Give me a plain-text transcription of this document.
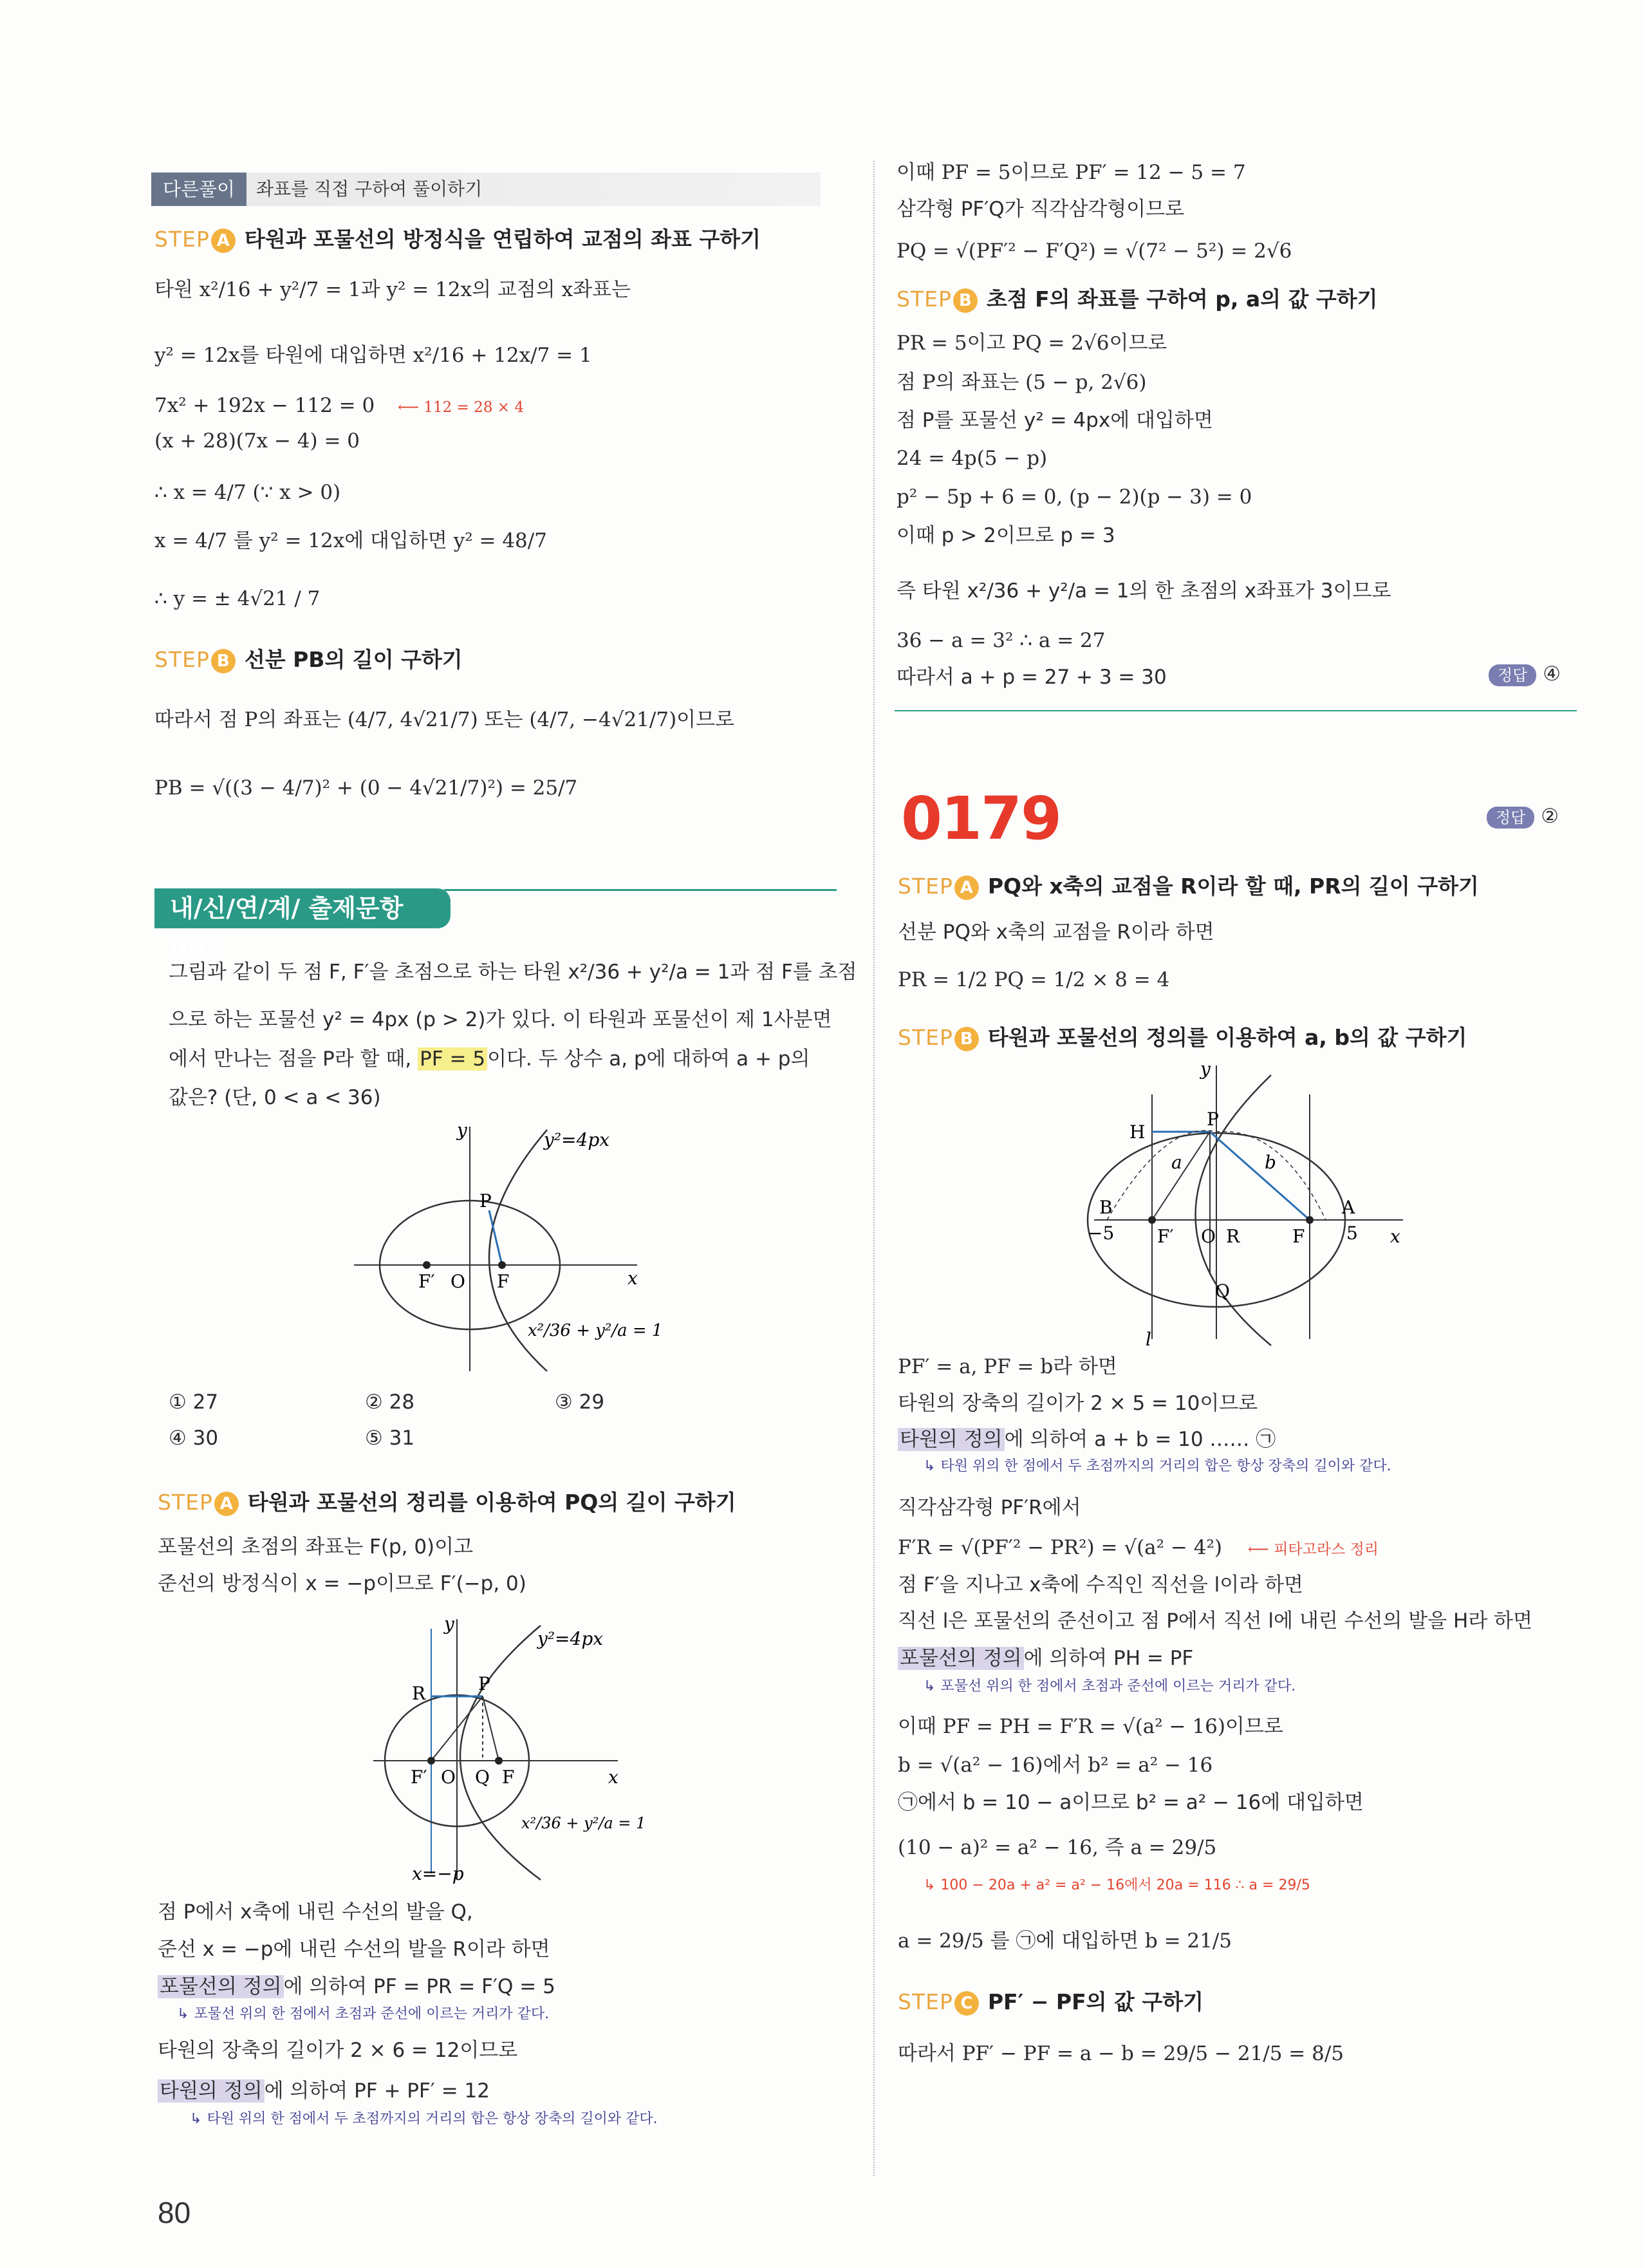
다른풀이	좌표를 직접 구하여 풀이하기
STEP A 타원과 포물선의 방정식을 연립하여 교점의 좌표 구하기
타원 x²/16 + y²/7 = 1과 y² = 12x의 교점의 x좌표는
y² = 12x를 타원에 대입하면 x²/16 + 12x/7 = 1
7x² + 192x − 112 = 0 ⟵ 112 = 28 × 4
(x + 28)(7x − 4) = 0
∴ x = 4/7 (∵ x > 0)
x = 4/7 를 y² = 12x에 대입하면 y² = 48/7
∴ y = ± 4√21 / 7
STEP B 선분 PB의 길이 구하기
따라서 점 P의 좌표는 (4/7, 4√21/7) 또는 (4/7, −4√21/7)이므로
PB = √((3 − 4/7)² + (0 − 4√21/7)²) = 25/7
내/신/연/계/ 출제문항 093
그림과 같이 두 점 F, F′을 초점으로 하는 타원 x²/36 + y²/a = 1과 점 F를 초점
으로 하는 포물선 y² = 4px (p > 2)가 있다. 이 타원과 포물선이 제 1사분면
에서 만나는 점을 P라 할 때, PF = 5이다. 두 상수 a, p에 대하여 a + p의
값은? (단, 0 < a < 36)
y
x
y²=4px
P
F′ O F
x²/36 + y²/a = 1
① 27	② 28	③ 29
④ 30	⑤ 31
STEP A 타원과 포물선의 정리를 이용하여 PQ의 길이 구하기
포물선의 초점의 좌표는 F(p, 0)이고
준선의 방정식이 x = −p이므로 F′(−p, 0)
y
x
y²=4px
R	P
F′ O Q F
x²/36 + y²/a = 1
x=−p
점 P에서 x축에 내린 수선의 발을 Q,
준선 x = −p에 내린 수선의 발을 R이라 하면
포물선의 정의에 의하여 PF = PR = F′Q = 5
↳ 포물선 위의 한 점에서 초점과 준선에 이르는 거리가 같다.
타원의 장축의 길이가 2 × 6 = 12이므로
타원의 정의에 의하여 PF + PF′ = 12
↳ 타원 위의 한 점에서 두 초점까지의 거리의 합은 항상 장축의 길이와 같다.
80
이때 PF = 5이므로 PF′ = 12 − 5 = 7
삼각형 PF′Q가 직각삼각형이므로
PQ = √(PF′² − F′Q²) = √(7² − 5²) = 2√6
STEP B 초점 F의 좌표를 구하여 p, a의 값 구하기
PR = 5이고 PQ = 2√6이므로
점 P의 좌표는 (5 − p, 2√6)
점 P를 포물선 y² = 4px에 대입하면
24 = 4p(5 − p)
p² − 5p + 6 = 0, (p − 2)(p − 3) = 0
이때 p > 2이므로 p = 3
즉 타원 x²/36 + y²/a = 1의 한 초점의 x좌표가 3이므로
36 − a = 3² ∴ a = 27
따라서 a + p = 27 + 3 = 30	정답 ④
0179	정답 ②
STEP A PQ와 x축의 교점을 R이라 할 때, PR의 길이 구하기
선분 PQ와 x축의 교점을 R이라 하면
PR = 1/2 PQ = 1/2 × 8 = 4
STEP B 타원과 포물선의 정의를 이용하여 a, b의 값 구하기
y
x
H
P
a	b
B	A
−5	5
F′ O R	F
Q
l
PF′ = a, PF = b라 하면
타원의 장축의 길이가 2 × 5 = 10이므로
타원의 정의에 의하여 a + b = 10 …… ㉠
↳ 타원 위의 한 점에서 두 초점까지의 거리의 합은 항상 장축의 길이와 같다.
직각삼각형 PF′R에서
F′R = √(PF′² − PR²) = √(a² − 4²) ⟵ 피타고라스 정리
점 F′을 지나고 x축에 수직인 직선을 l이라 하면
직선 l은 포물선의 준선이고 점 P에서 직선 l에 내린 수선의 발을 H라 하면
포물선의 정의에 의하여 PH = PF
↳ 포물선 위의 한 점에서 초점과 준선에 이르는 거리가 같다.
이때 PF = PH = F′R = √(a² − 16)이므로
b = √(a² − 16)에서 b² = a² − 16
㉠에서 b = 10 − a이므로 b² = a² − 16에 대입하면
(10 − a)² = a² − 16, 즉 a = 29/5
↳ 100 − 20a + a² = a² − 16에서 20a = 116 ∴ a = 29/5
a = 29/5 를 ㉠에 대입하면 b = 21/5
STEP C PF′ − PF의 값 구하기
따라서 PF′ − PF = a − b = 29/5 − 21/5 = 8/5
